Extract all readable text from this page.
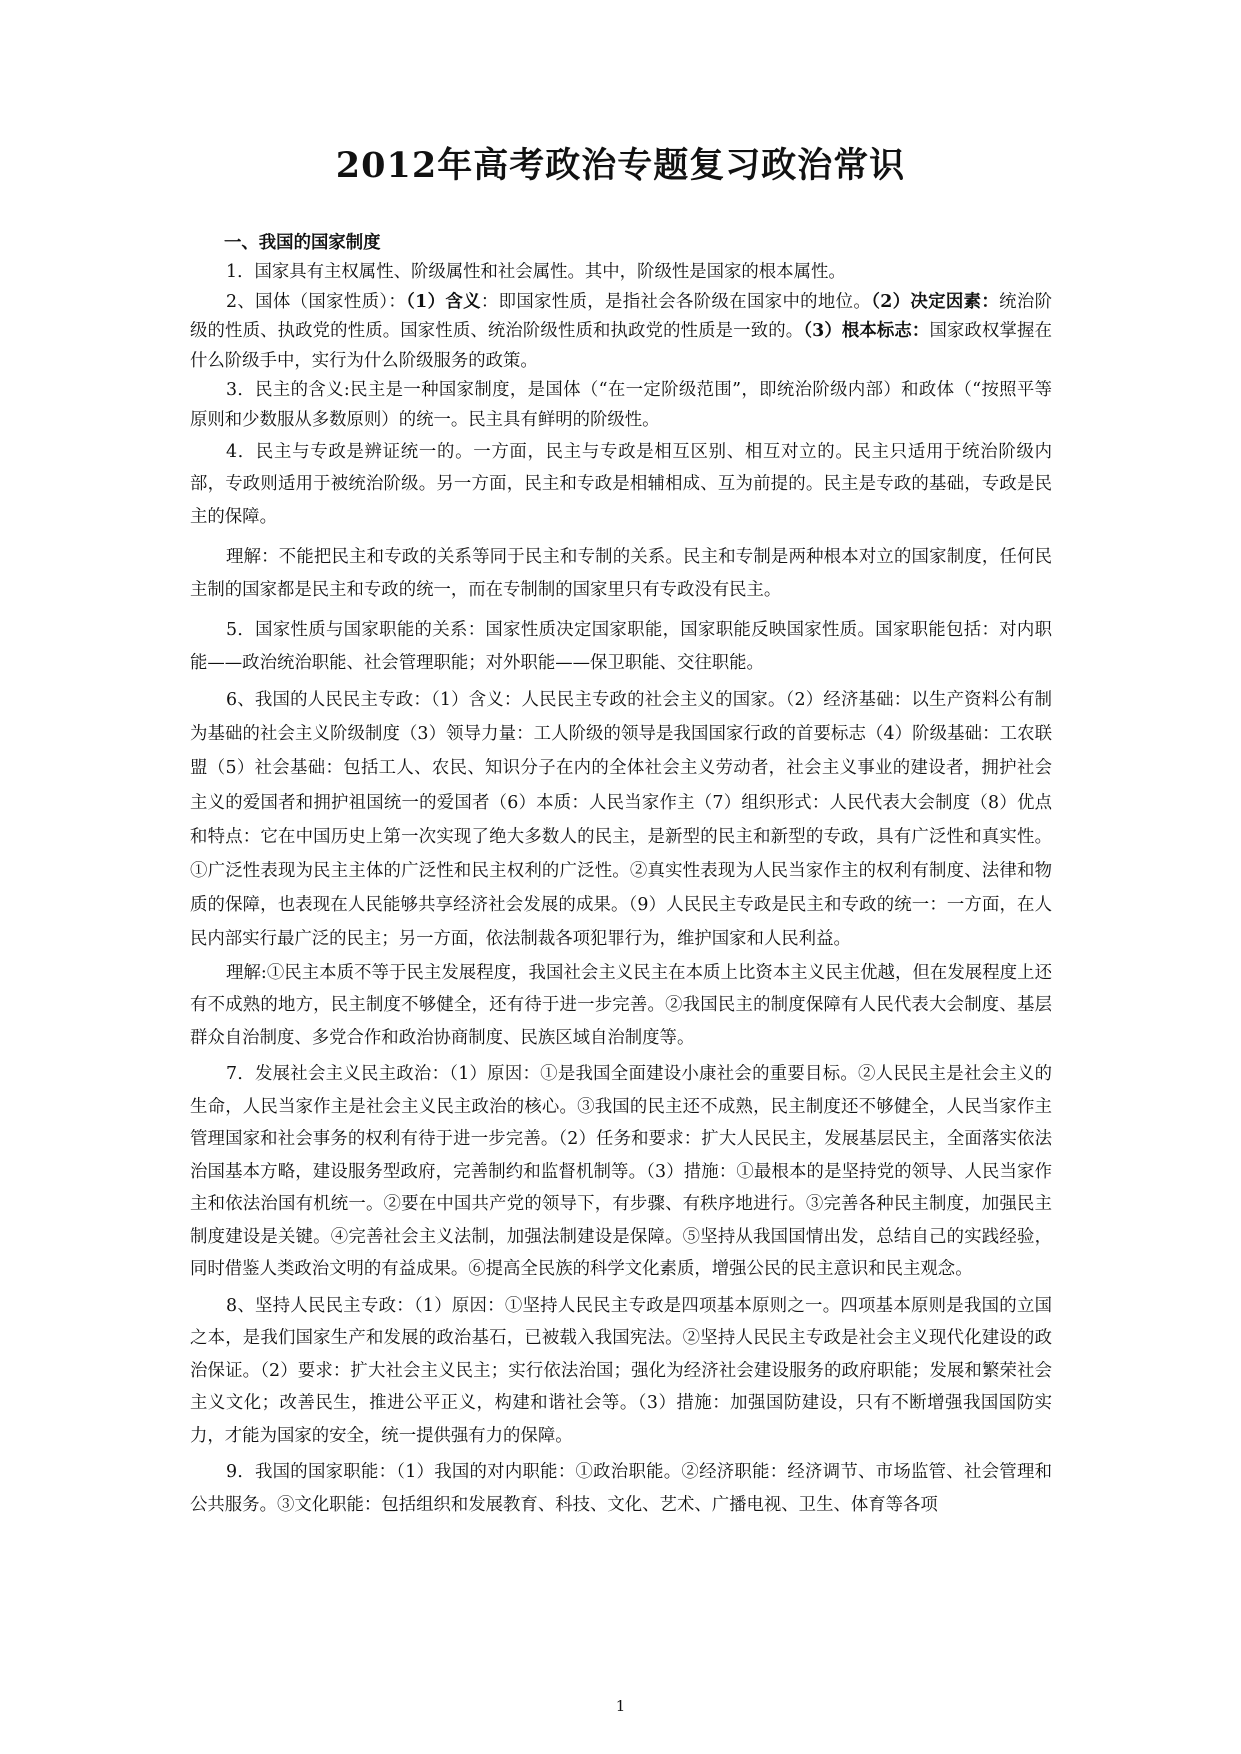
2012年高考政治专题复习政治常识
一、我国的国家制度

1．国家具有主权属性、阶级属性和社会属性。其中，阶级性是国家的根本属性。

2、国体（国家性质）：（1）含义：即国家性质，是指社会各阶级在国家中的地位。（2）决定因素：统治阶级的性质、执政党的性质。国家性质、统治阶级性质和执政党的性质是一致的。（3）根本标志：国家政权掌握在什么阶级手中，实行为什么阶级服务的政策。

3．民主的含义:民主是一种国家制度，是国体（“在一定阶级范围”，即统治阶级内部）和政体（“按照平等原则和少数服从多数原则）的统一。民主具有鲜明的阶级性。

4．民主与专政是辨证统一的。一方面，民主与专政是相互区别、相互对立的。民主只适用于统治阶级内部，专政则适用于被统治阶级。另一方面，民主和专政是相辅相成、互为前提的。民主是专政的基础，专政是民主的保障。

理解：不能把民主和专政的关系等同于民主和专制的关系。民主和专制是两种根本对立的国家制度，任何民主制的国家都是民主和专政的统一，而在专制制的国家里只有专政没有民主。

5．国家性质与国家职能的关系：国家性质决定国家职能，国家职能反映国家性质。国家职能包括：对内职能——政治统治职能、社会管理职能；对外职能——保卫职能、交往职能。

6、我国的人民民主专政：（1）含义：人民民主专政的社会主义的国家。（2）经济基础：以生产资料公有制为基础的社会主义阶级制度（3）领导力量：工人阶级的领导是我国国家行政的首要标志（4）阶级基础：工农联盟（5）社会基础：包括工人、农民、知识分子在内的全体社会主义劳动者，社会主义事业的建设者，拥护社会主义的爱国者和拥护祖国统一的爱国者（6）本质：人民当家作主（7）组织形式：人民代表大会制度（8）优点和特点：它在中国历史上第一次实现了绝大多数人的民主，是新型的民主和新型的专政，具有广泛性和真实性。①广泛性表现为民主主体的广泛性和民主权利的广泛性。②真实性表现为人民当家作主的权利有制度、法律和物质的保障，也表现在人民能够共享经济社会发展的成果。（9）人民民主专政是民主和专政的统一：一方面，在人民内部实行最广泛的民主；另一方面，依法制裁各项犯罪行为，维护国家和人民利益。

理解:①民主本质不等于民主发展程度，我国社会主义民主在本质上比资本主义民主优越，但在发展程度上还有不成熟的地方，民主制度不够健全，还有待于进一步完善。②我国民主的制度保障有人民代表大会制度、基层群众自治制度、多党合作和政治协商制度、民族区域自治制度等。

7．发展社会主义民主政治：（1）原因：①是我国全面建设小康社会的重要目标。②人民民主是社会主义的生命，人民当家作主是社会主义民主政治的核心。③我国的民主还不成熟，民主制度还不够健全，人民当家作主管理国家和社会事务的权利有待于进一步完善。（2）任务和要求：扩大人民民主，发展基层民主，全面落实依法治国基本方略，建设服务型政府，完善制约和监督机制等。（3）措施：①最根本的是坚持党的领导、人民当家作主和依法治国有机统一。②要在中国共产党的领导下，有步骤、有秩序地进行。③完善各种民主制度，加强民主制度建设是关键。④完善社会主义法制，加强法制建设是保障。⑤坚持从我国国情出发，总结自己的实践经验，同时借鉴人类政治文明的有益成果。⑥提高全民族的科学文化素质，增强公民的民主意识和民主观念。

8、坚持人民民主专政：（1）原因：①坚持人民民主专政是四项基本原则之一。四项基本原则是我国的立国之本，是我们国家生产和发展的政治基石，已被载入我国宪法。②坚持人民民主专政是社会主义现代化建设的政治保证。（2）要求：扩大社会主义民主；实行依法治国；强化为经济社会建设服务的政府职能；发展和繁荣社会主义文化；改善民生，推进公平正义，构建和谐社会等。（3）措施：加强国防建设，只有不断增强我国国防实力，才能为国家的安全，统一提供强有力的保障。

9．我国的国家职能：（1）我国的对内职能：①政治职能。②经济职能：经济调节、市场监管、社会管理和公共服务。③文化职能：包括组织和发展教育、科技、文化、艺术、广播电视、卫生、体育等各项

1
